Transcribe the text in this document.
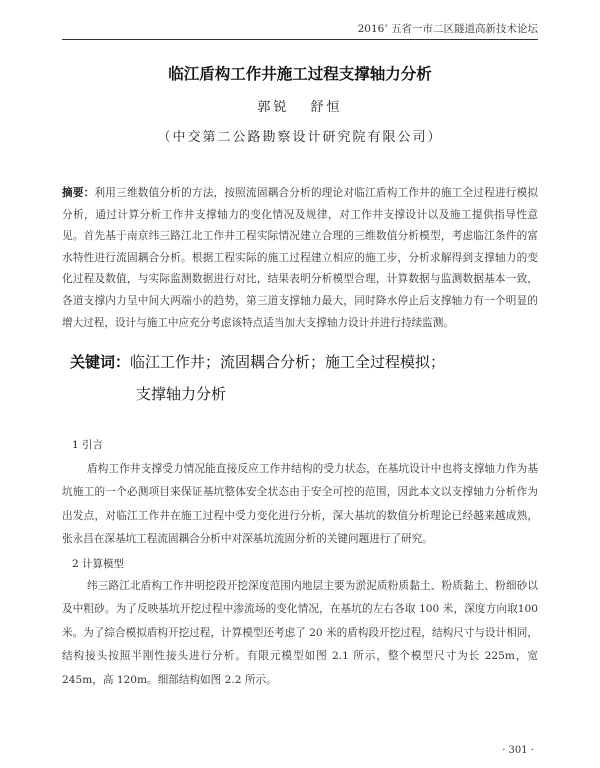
2016’ 五省一市二区隧道高新技术论坛
临江盾构工作井施工过程支撑轴力分析
郭锐 舒恒
（中交第二公路勘察设计研究院有限公司）
摘要：利用三维数值分析的方法，按照流固耦合分析的理论对临江盾构工作井的施工全过程进行模拟分析，通过计算分析工作井支撑轴力的变化情况及规律，对工作井支撑设计以及施工提供指导性意见。首先基于南京纬三路江北工作井工程实际情况建立合理的三维数值分析模型，考虑临江条件的富水特性进行流固耦合分析。根据工程实际的施工过程建立相应的施工步，分析求解得到支撑轴力的变化过程及数值，与实际监测数据进行对比，结果表明分析模型合理，计算数据与监测数据基本一致，各道支撑内力呈中间大两端小的趋势，第三道支撑轴力最大，同时降水停止后支撑轴力有一个明显的增大过程，设计与施工中应充分考虑该特点适当加大支撑轴力设计并进行持续监测。
关键词：临江工作井；流固耦合分析；施工全过程模拟；
支撑轴力分析
1 引言
盾构工作井支撑受力情况能直接反应工作井结构的受力状态，在基坑设计中也将支撑轴力作为基坑施工的一个必测项目来保证基坑整体安全状态由于安全可控的范围，因此本文以支撑轴力分析作为出发点，对临江工作井在施工过程中受力变化进行分析，深大基坑的数值分析理论已经越来越成熟，张永昌在深基坑工程流固耦合分析中对深基坑流固分析的关键问题进行了研究。
2 计算模型
纬三路江北盾构工作井明挖段开挖深度范围内地层主要为淤泥质粉质黏土、粉质黏土、粉细砂以及中粗砂。为了反映基坑开挖过程中渗流场的变化情况，在基坑的左右各取 100 米，深度方向取100 米。为了综合模拟盾构开挖过程，计算模型还考虑了 20 米的盾构段开挖过程，结构尺寸与设计相同，结构接头按照半刚性接头进行分析。有限元模型如图 2.1 所示，整个模型尺寸为长 225m，宽245m，高 120m。细部结构如图 2.2 所示。
· 301 ·
